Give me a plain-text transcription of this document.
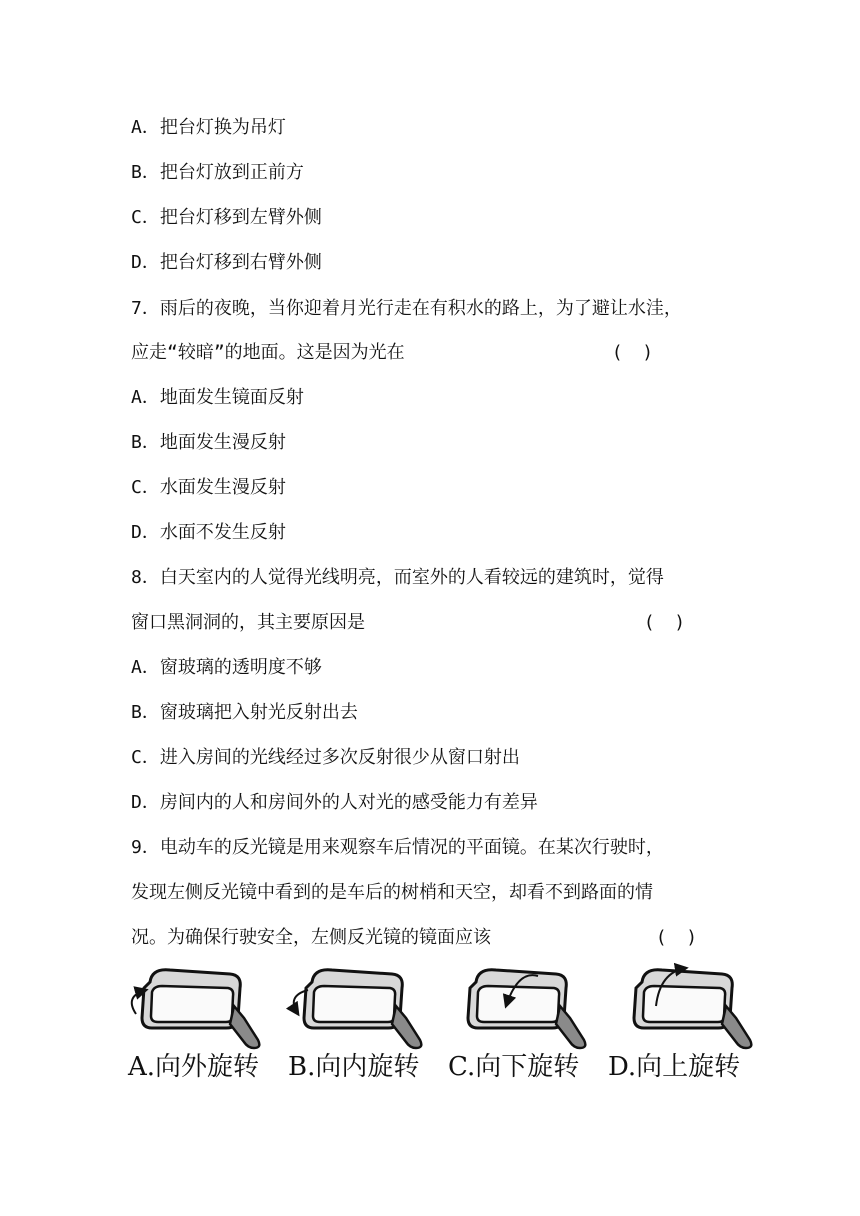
A．把台灯换为吊灯
B．把台灯放到正前方
C．把台灯移到左臂外侧
D．把台灯移到右臂外侧
7．雨后的夜晚，当你迎着月光行走在有积水的路上，为了避让水洼，
应走“较暗”的地面。这是因为光在	(    )
A．地面发生镜面反射
B．地面发生漫反射
C．水面发生漫反射
D．水面不发生反射
8．白天室内的人觉得光线明亮，而室外的人看较远的建筑时，觉得
窗口黑洞洞的，其主要原因是	(    )
A．窗玻璃的透明度不够
B．窗玻璃把入射光反射出去
C．进入房间的光线经过多次反射很少从窗口射出
D．房间内的人和房间外的人对光的感受能力有差异
9．电动车的反光镜是用来观察车后情况的平面镜。在某次行驶时，
发现左侧反光镜中看到的是车后的树梢和天空，却看不到路面的情
况。为确保行驶安全，左侧反光镜的镜面应该	(    )
A.向外旋转 B.向内旋转 C.向下旋转 D.向上旋转
